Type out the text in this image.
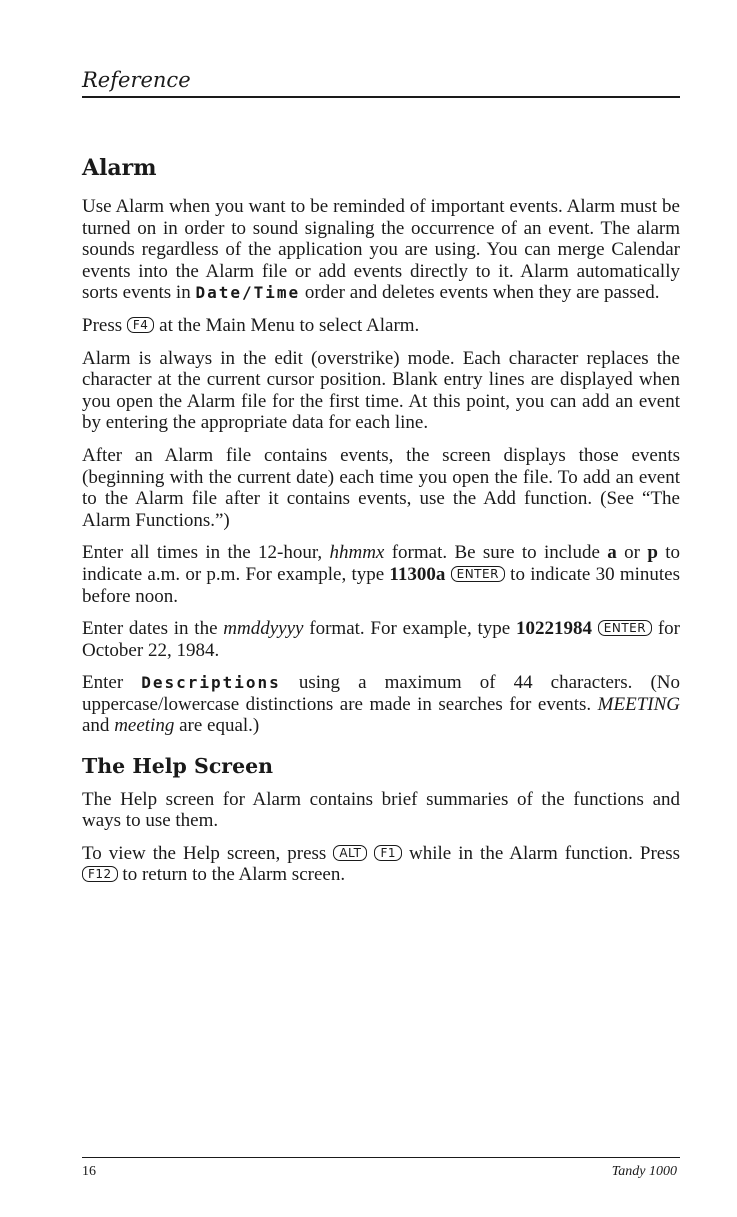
Reference
Alarm

Use Alarm when you want to be reminded of important events. Alarm must be turned on in order to sound signaling the occurrence of an event. The alarm sounds regardless of the application you are using. You can merge Calendar events into the Alarm file or add events directly to it. Alarm automatically sorts events in Date/Time order and deletes events when they are passed.

Press F4 at the Main Menu to select Alarm.

Alarm is always in the edit (overstrike) mode. Each character replaces the character at the current cursor position. Blank entry lines are displayed when you open the Alarm file for the first time. At this point, you can add an event by entering the appropriate data for each line.

After an Alarm file contains events, the screen displays those events (beginning with the current date) each time you open the file. To add an event to the Alarm file after it contains events, use the Add function. (See “The Alarm Functions.”)

Enter all times in the 12-hour, hhmmx format. Be sure to include a or p to indicate a.m. or p.m. For example, type 11300a ENTER to indicate 30 minutes before noon.

Enter dates in the mmddyyyy format. For example, type 10221984 ENTER for October 22, 1984.

Enter Descriptions using a maximum of 44 characters. (No uppercase/lowercase distinctions are made in searches for events. MEETING and meeting are equal.)

The Help Screen

The Help screen for Alarm contains brief summaries of the functions and ways to use them.

To view the Help screen, press ALT F1 while in the Alarm function. Press F12 to return to the Alarm screen.

16	Tandy 1000
